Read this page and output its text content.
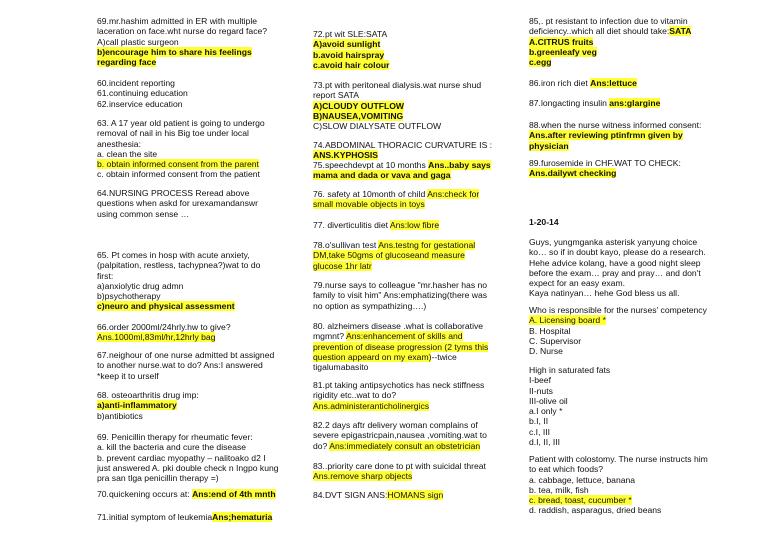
69.mr.hashim admitted in ER with multiple
laceration on face.wht nurse do regard face?
A)call plastic surgeon
b)encourage him to share his feelings
regarding face
60.incident reporting
61.continuing education
62.inservice education
63. A 17 year old patient is going to undergo
removal of nail in his Big toe under local
anesthesia:
a. clean the site
b. obtain informed consent from the parent
c. obtain informed consent from the patient
64.NURSING PROCESS Reread above
questions when askd for urexamandanswr
using common sense …
65. Pt comes in hosp with acute anxiety,
(palpitation, restless, tachypnea?)wat to do
first:
a)anxiolytic drug admn
b)psychotherapy
c)neuro and physical assessment
66.order 2000ml/24hrly.hw to give?
Ans.1000ml,83ml/hr,12hrly bag
67.neighour of one nurse admitted bt assigned
to another nurse.wat to do? Ans:I answered
*keep it to urself
68. osteoarthritis drug imp:
a)anti-inflammatory
b)antibiotics
69. Penicillin therapy for rheumatic fever:
a. kill the bacteria and cure the disease
b. prevent cardiac myopathy – nalitoako d2 I
just answered A. pki double check n Ingpo kung
pra san tlga penicillin therapy =)
70.quickening occurs at: Ans:end of 4th mnth
71.initial symptom of leukemiaAns;hematuria
72.pt wit SLE:SATA
A)avoid sunlight
b.avoid hairspray
c.avoid hair colour
73.pt with peritoneal dialysis.wat nurse shud
report SATA
A)CLOUDY OUTFLOW
B)NAUSEA,VOMITING
C)SLOW DIALYSATE OUTFLOW
74.ABDOMINAL THORACIC CURVATURE IS :
ANS.KYPHOSIS
75.speechdevpt at 10 months Ans..baby says
mama and dada or vava and gaga
76. safety at 10month of child Ans:check for
small movable objects in toys
77. diverticulitis diet Ans:low fibre
78.o'sullivan test Ans.testng for gestational
DM,take 50gms of glucoseand measure
glucose 1hr latr
79.nurse says to colleague "mr.hasher has no
family to visit him" Ans:emphatizing(there was
no option as sympathizing….)
80. alzheimers disease .what is collaborative
mgmnt? Ans:enhancement of skills and
prevention of disease progression (2 tyms this
question appeard on my exam)--twice
tigalumabasito
81.pt taking antipsychotics has neck stiffness
rigidity etc..wat to do?
Ans.administeranticholinergics
82.2 days aftr delivery woman complains of
severe epigastricpain,nausea ,vomiting.wat to
do? Ans:immediately consult an obstetrician
83..priority care done to pt with suicidal threat
Ans.remove sharp objects
84.DVT SIGN ANS:HOMANS sign
85,. pt resistant to infection due to vitamin
deficiency..which all diet should take:SATA
A.CITRUS fruits
b.greenleafy veg
c.egg
86.iron rich diet Ans:lettuce
87.longacting insulin ans:glargine
88.when the nurse witness informed consent:
Ans.after reviewing ptinfrmn given by
physician
89.furosemide in CHF.WAT TO CHECK:
Ans.dailywt checking
1-20-14
Guys, yungmganka asterisk yanyung choice
ko… so if in doubt kayo, please do a research.
Hehe advice kolang, have a good night sleep
before the exam… pray and pray… and don't
expect for an easy exam.
Kaya natinyan… hehe God bless us all.
Who is responsible for the nurses' competency
A. Licensing board *
B. Hospital
C. Supervisor
D. Nurse
High in saturated fats
I-beef
II-nuts
III-olive oil
a.I only *
b.I, II
c.I, III
d.I, II, III
Patient with colostomy. The nurse instructs him
to eat which foods?
a. cabbage, lettuce, banana
b. tea, milk, fish
c. bread, toast, cucumber *
d. raddish, asparagus, dried beans
